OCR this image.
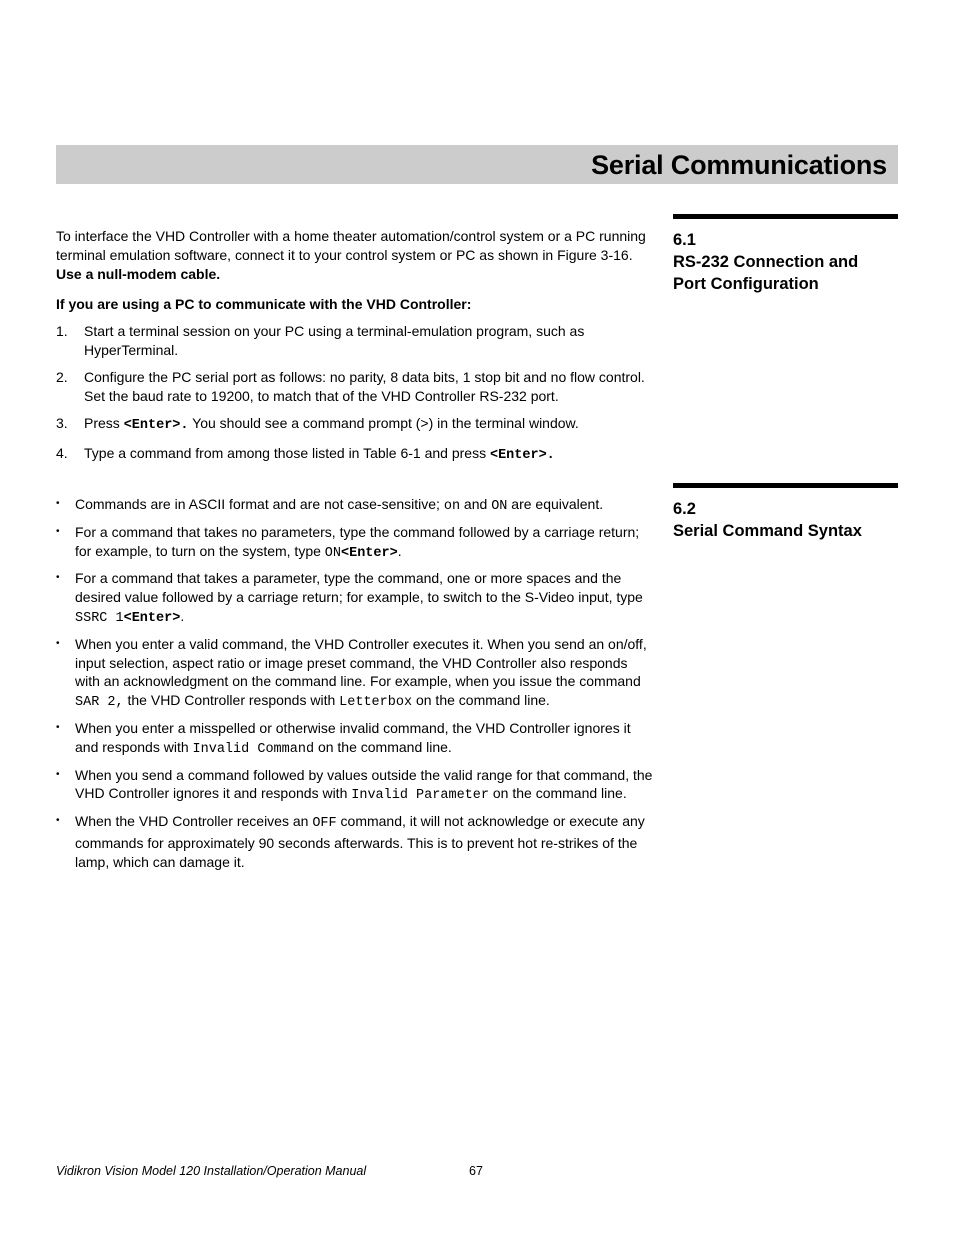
Serial Communications
6.1
RS-232 Connection and
Port Configuration
6.2
Serial Command Syntax

To interface the VHD Controller with a home theater automation/control system or a PC running terminal emulation software, connect it to your control system or PC as shown in Figure 3-16. Use a null-modem cable.

If you are using a PC to communicate with the VHD Controller:
1. Start a terminal session on your PC using a terminal-emulation program, such as HyperTerminal.
2. Configure the PC serial port as follows: no parity, 8 data bits, 1 stop bit and no flow control. Set the baud rate to 19200, to match that of the VHD Controller RS-232 port.
3. Press <Enter>. You should see a command prompt (>) in the terminal window.
4. Type a command from among those listed in Table 6-1 and press <Enter>.
• Commands are in ASCII format and are not case-sensitive; on and ON are equivalent.
• For a command that takes no parameters, type the command followed by a carriage return; for example, to turn on the system, type ON<Enter>.
• For a command that takes a parameter, type the command, one or more spaces and the desired value followed by a carriage return; for example, to switch to the S-Video input, type SSRC 1<Enter>.
• When you enter a valid command, the VHD Controller executes it. When you send an on/off, input selection, aspect ratio or image preset command, the VHD Controller also responds with an acknowledgment on the command line. For example, when you issue the command SAR 2, the VHD Controller responds with Letterbox on the command line.
• When you enter a misspelled or otherwise invalid command, the VHD Controller ignores it and responds with Invalid Command on the command line.
• When you send a command followed by values outside the valid range for that command, the VHD Controller ignores it and responds with Invalid Parameter on the command line.
• When the VHD Controller receives an OFF command, it will not acknowledge or execute any commands for approximately 90 seconds afterwards. This is to prevent hot re-strikes of the lamp, which can damage it.
Vidikron Vision Model 120 Installation/Operation Manual	67
